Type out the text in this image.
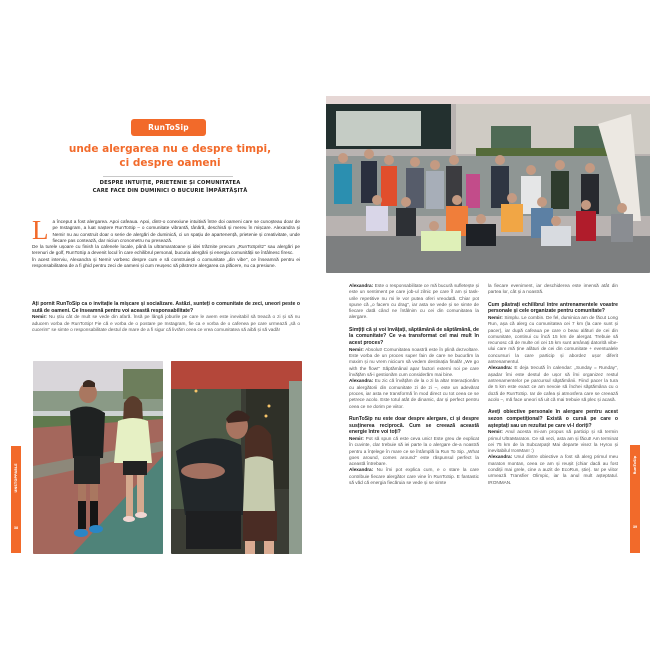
RunToSip
unde alergarea nu e despre timpi,
ci despre oameni
DESPRE INTUIȚIE, PRIETENIE ȘI COMUNITATEA
CARE FACE DIN DUMINICI O BUCURIE ÎMPĂRTĂȘITĂ
L a început a fost alergarea. Apoi cafeaua. Apoi, dintr-o conexiune intuitivă între doi oameni care se cunoșteau doar de pe Instagram, a luat naștere RunToSip – o comunitate vibrantă, tânără, deschisă și mereu în mișcare. Alexandra și Nemir nu au construit doar o serie de alergări de duminică, ci un spațiu de apartenență, prietenie și creativitate, unde fiecare pas contează, dar niciun cronometru nu presează.

De la turele ușoare cu finish la cafenele locale, până la ultramaratoane și idei trăznite precum „RunToSpritz" sau alergări pe terenuri de golf, RunToSip a devenit locul în care echilibrul personal, bucuria alergării și energia comunității se întâlnesc firesc.

În acest interviu, Alexandra și Nemir vorbesc despre cum e să construiești o comunitate „din vibe", ce înseamnă pentru ei responsabilitatea de a fi ghid pentru zeci de oameni și cum reușesc să păstreze alergarea ca plăcere, nu ca presiune.

Ați pornit RunToSip ca o invitație la mișcare și socializare. Astăzi, sunteți o comunitate de zeci, uneori peste o sută de oameni. Ce înseamnă pentru voi această responsabilitate?

Nemir: Nu știu cât de mult se vede din afară. Însă pe lângă joburile pe care le avem este inevitabil să treacă o zi și să nu aducem vorba de RunToSip! Fie că e vorba de o postare pe Instagram, fie ca e vorba de o cafenea pe care urmează „să o cucerim" se simte o responsabilitate destul de mare de a fi sigur că livrăm ceea ce vrea comunitatea să aibă și să vadă!

UNSTOPPABLE
38

Alexandra: Este o responsabilitate ce mă bucură sufletește și este un sentiment pe care job-ul zilnic pe care îl am și task-urile repetitive nu mi le vor putea oferi vreodată. Chiar pot spune că „o facem cu drag", iar asta se vede și se simte de fiecare dată când ne întâlnim cu cei din comunitatea la alergare.

Simțiți că și voi învățați, săptămână de săptămână, de la comunitate? Ce v-a transformat cel mai mult în acest proces?

Nemir: Absolut! Comunitatea noastră este în plină dezvoltare. Este vorba de un proces super fain de care ne bucurăm la maxim și nu vrem nicicum să vedem destinația finală! „We go with the flow!" Săptămânal apar factori externi noi pe care învățăm să-i gestionăm cum considerăm mai bine.

Alexandra: Eu zic că învățăm de la o zi la alta! Interacționăm cu alergătorii din comunitate zi de zi –, este un adevărat proces, iar asta ne transformă în mod direct cu tot ceea ce se petrece acolo. Este totul atât de dinamic, dar și perfect pentru ceea ce ne dorim pe viitor.

RunToSip nu este doar despre alergare, ci și despre susținerea reciprocă. Cum se creează această energie între voi toți?

Nemir: Pot să spun că este ceva unic! Este greu de explicat în cuvinte, clar trebuie să iei parte la o alergare de-a noastră pentru a înțelege în mare ce se întâmplă la Run To Sip. „What goes around, comes around" este răspunsul perfect la această întrebare.

Alexandra: Nu îmi pot explica cum, e o stare la care contribuie fiecare alergător care vine în RunToSip. E fantastic să văd că energia fiecăruia se vede și se simte

la fiecare eveniment, iar deschiderea este imensă atât din partea lor, cât și a noastră.

Cum păstrați echilibrul între antrenamentele voastre personale și cele organizate pentru comunitate?

Nemir: Simplu. Le combin. De fel, duminica am de făcut Long Run, așa că alerg cu comunitatea cei 7 km (la care sunt și pacer), iar după cafeaua pe care o beau alături de cei din comunitate, continui cu încă 15 km de alergat. Trebuie să recunosc că de multe ori cei 15 km sunt amânați datorită vibe-ului care mă ține alături de cei din comunitate + eventualele concursuri la care particip și abordez ușor diferit antrenamentul.

Alexandra: E deja trecută în calendar: „Sunday = Runday", așadar îmi este destul de ușor să îmi organizez restul antrenamentelor pe parcursul săptămânii. Fiind pacer la tura de 5 km este exact ce am nevoie să închei săptămâna cu o doză de RunToSip. Iar de cafea și atmosfera care se creează acolo –, mă face uneori să uit că mai trebuie să plec și acasă.

Aveți obiective personale în alergare pentru acest sezon competițional? Există o cursă pe care o așteptați sau un rezultat pe care vi-l doriți?

Nemir: Anul acesta mi-am propus să particip și să termin primul UltraMaraton. Ce să vezi, asta am și făcut! Am terminat cei 75 km de la Subcarpați! Mai departe visez la Hyrox și inevitabilul IronMan! :)

Alexandra: Unul dintre obiective a fost să alerg primul meu maraton montan, ceea ce am și reușit (chiar dacă au fost condiții mai grele, cine a auzit de EcoRun, știe). Iar pe viitor urmează Transfier Olimpic, iar la anul mult așteptatul. IRONMAN.

RunToSip
39
